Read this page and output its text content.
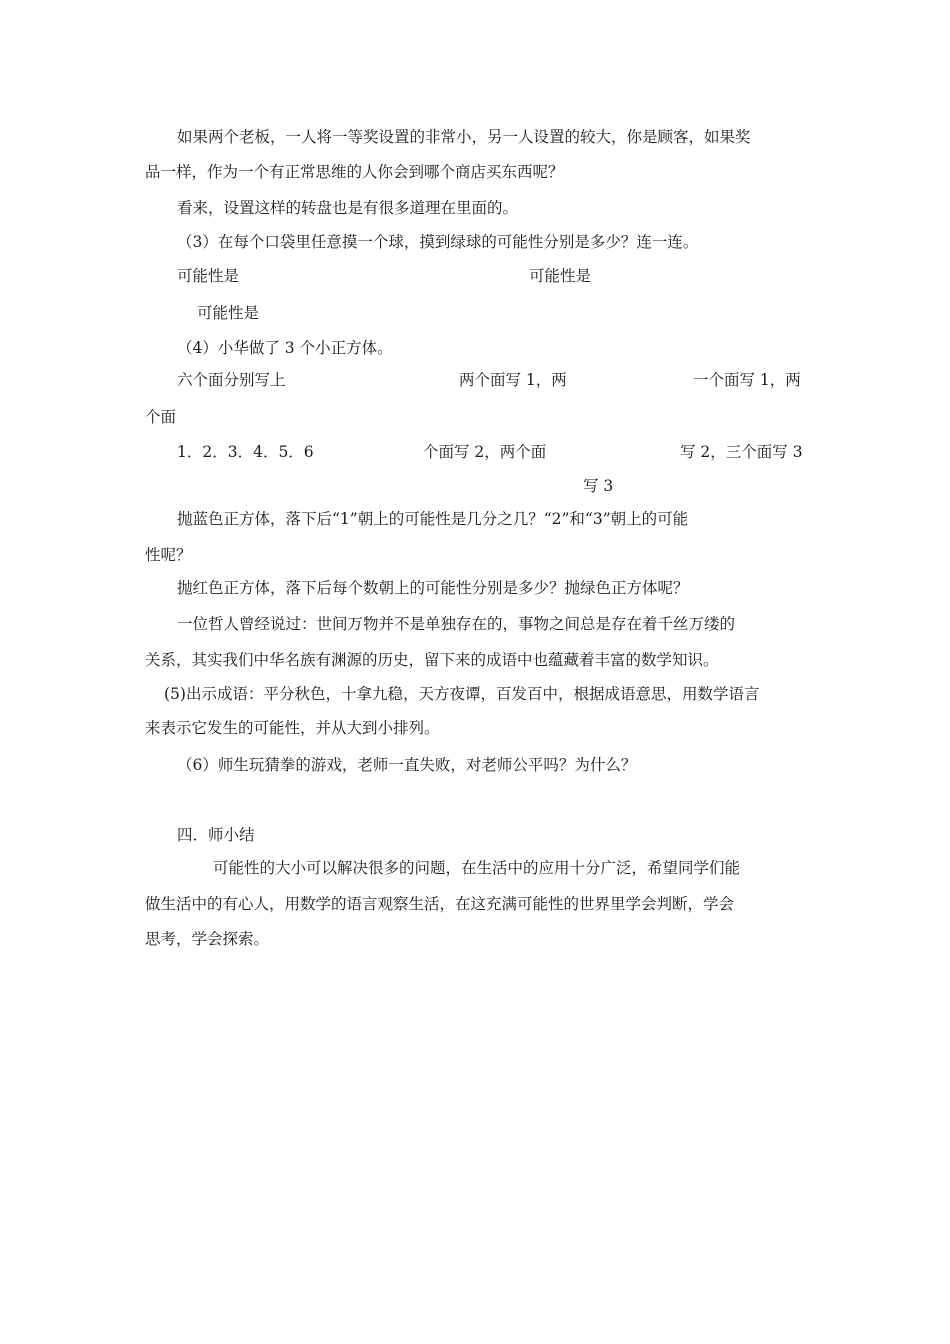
如果两个老板，一人将一等奖设置的非常小，另一人设置的较大，你是顾客，如果奖
品一样，作为一个有正常思维的人你会到哪个商店买东西呢？
看来，设置这样的转盘也是有很多道理在里面的。
（3）在每个口袋里任意摸一个球，摸到绿球的可能性分别是多少？连一连。
可能性是	可能性是
可能性是
（4）小华做了 3 个小正方体。
六个面分别写上	两个面写 1，两	一个面写 1，两
个面
1．2．3．4．5．6	个面写 2，两个面	写 2，三个面写 3
写 3
抛蓝色正方体，落下后“1”朝上的可能性是几分之几？“2”和“3”朝上的可能
性呢？
抛红色正方体，落下后每个数朝上的可能性分别是多少？抛绿色正方体呢？
一位哲人曾经说过：世间万物并不是单独存在的，事物之间总是存在着千丝万缕的
关系，其实我们中华名族有渊源的历史，留下来的成语中也蕴藏着丰富的数学知识。
(5)出示成语：平分秋色，十拿九稳，天方夜谭，百发百中，根据成语意思，用数学语言
来表示它发生的可能性，并从大到小排列。
（6）师生玩猜拳的游戏，老师一直失败，对老师公平吗？为什么？
四．师小结
可能性的大小可以解决很多的问题，在生活中的应用十分广泛，希望同学们能
做生活中的有心人，用数学的语言观察生活，在这充满可能性的世界里学会判断，学会
思考，学会探索。
